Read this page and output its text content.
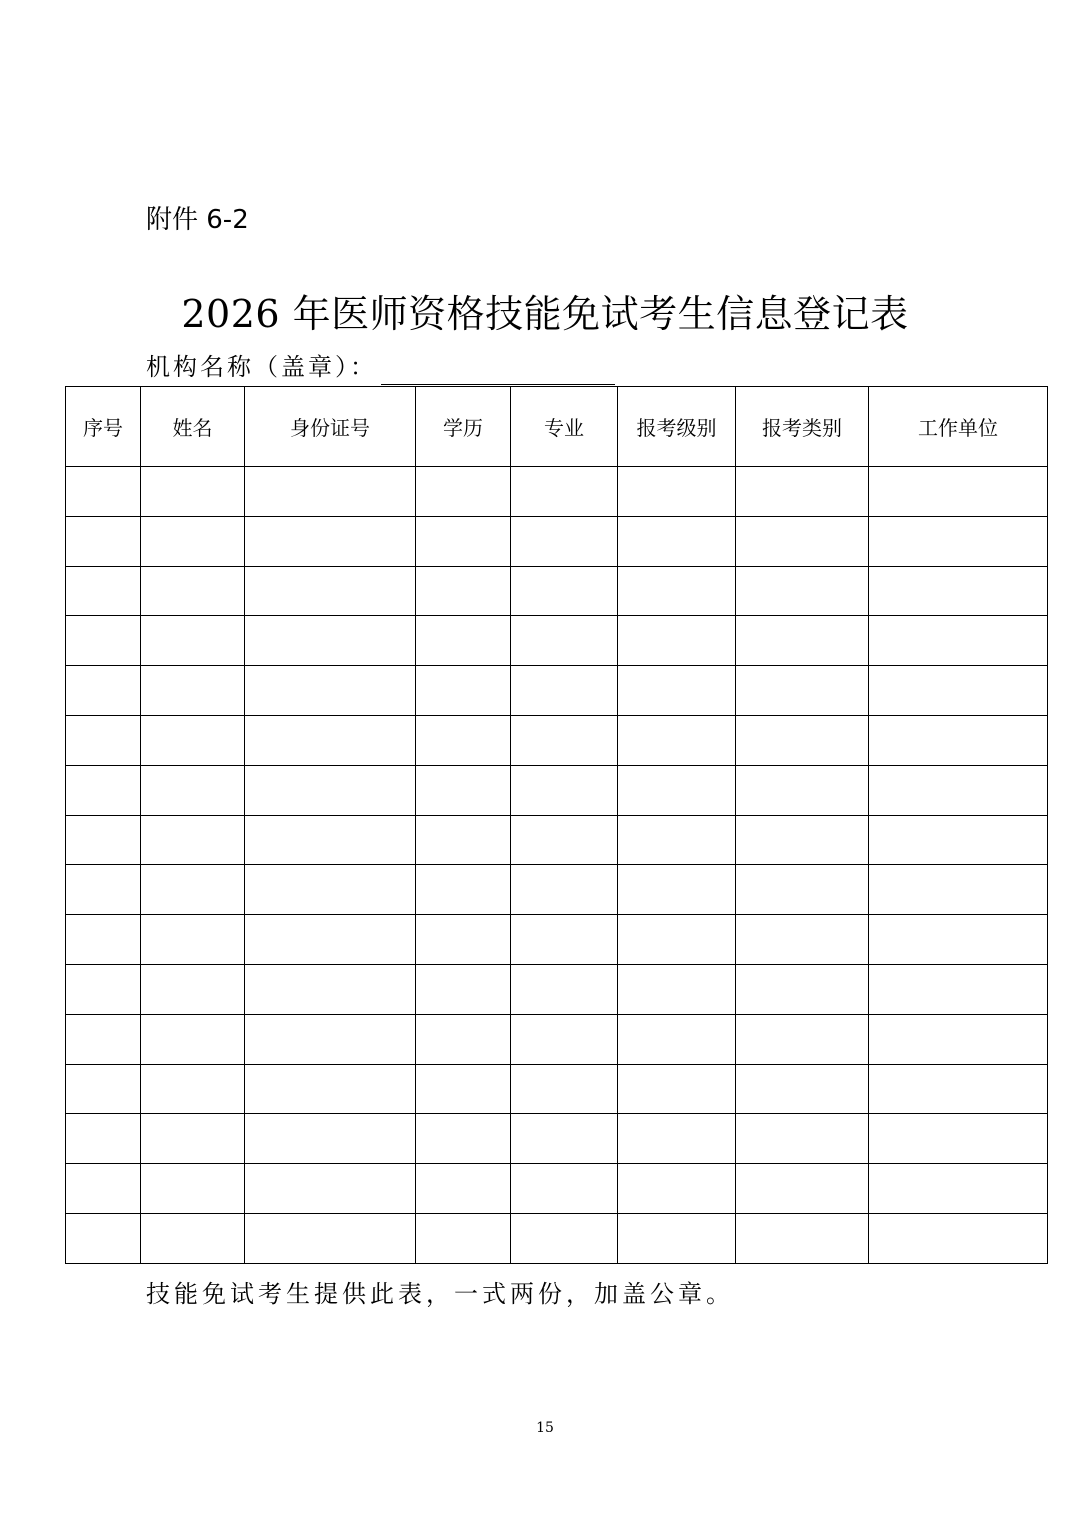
附件 6-2
2026 年医师资格技能免试考生信息登记表
机构名称（盖章）：
序号	姓名	身份证号	学历	专业	报考级别	报考类别	工作单位

技能免试考生提供此表，一式两份，加盖公章。
15
